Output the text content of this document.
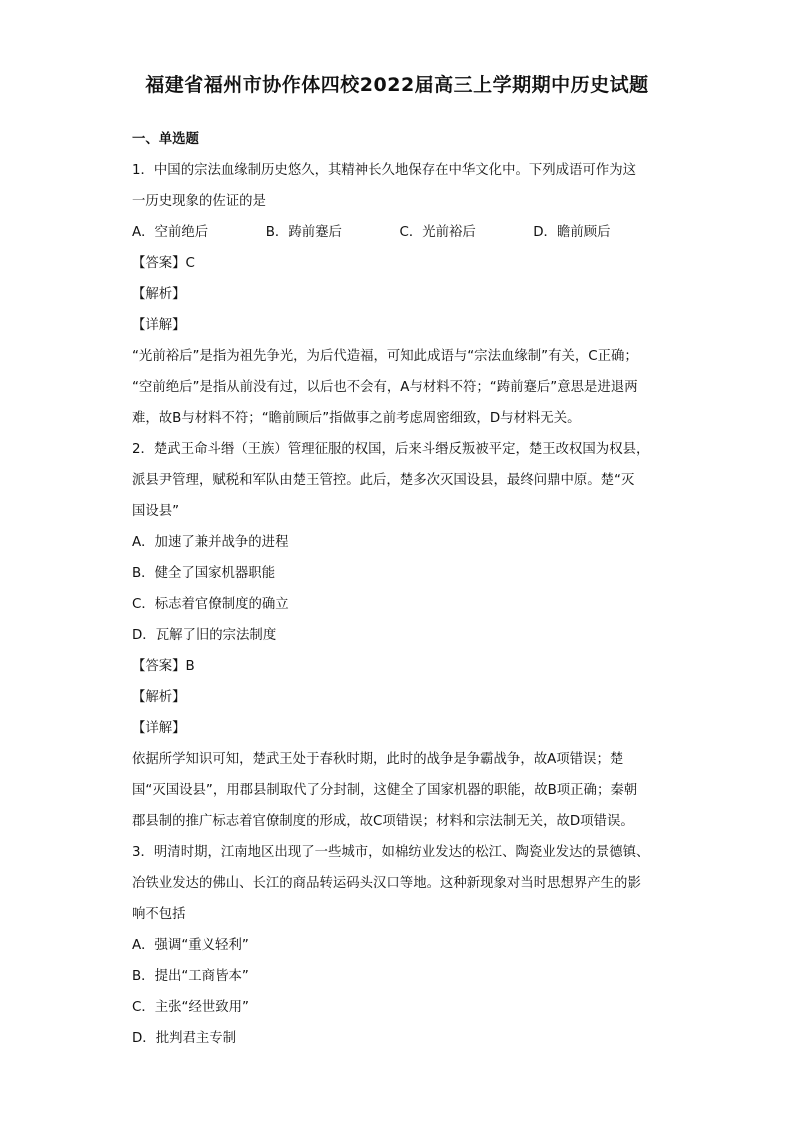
福建省福州市协作体四校2022届高三上学期期中历史试题
一、单选题
1．中国的宗法血缘制历史悠久，其精神长久地保存在中华文化中。下列成语可作为这
一历史现象的佐证的是
A．空前绝后	B．踌前蹇后	C．光前裕后	D．瞻前顾后
【答案】C
【解析】
【详解】
“光前裕后”是指为祖先争光，为后代造福，可知此成语与“宗法血缘制”有关，C正确；
“空前绝后”是指从前没有过，以后也不会有，A与材料不符；“踌前蹇后”意思是进退两
难，故B与材料不符；“瞻前顾后”指做事之前考虑周密细致，D与材料无关。
2．楚武王命斗缗（王族）管理征服的权国，后来斗缗反叛被平定，楚王改权国为权县，
派县尹管理，赋税和军队由楚王管控。此后，楚多次灭国设县，最终问鼎中原。楚“灭
国设县”
A．加速了兼并战争的进程
B．健全了国家机器职能
C．标志着官僚制度的确立
D．瓦解了旧的宗法制度
【答案】B
【解析】
【详解】
依据所学知识可知，楚武王处于春秋时期，此时的战争是争霸战争，故A项错误；楚
国“灭国设县”，用郡县制取代了分封制，这健全了国家机器的职能，故B项正确；秦朝
郡县制的推广标志着官僚制度的形成，故C项错误；材料和宗法制无关，故D项错误。
3．明清时期，江南地区出现了一些城市，如棉纺业发达的松江、陶瓷业发达的景德镇、
冶铁业发达的佛山、长江的商品转运码头汉口等地。这种新现象对当时思想界产生的影
响不包括
A．强调“重义轻利”
B．提出“工商皆本”
C．主张“经世致用”
D．批判君主专制
